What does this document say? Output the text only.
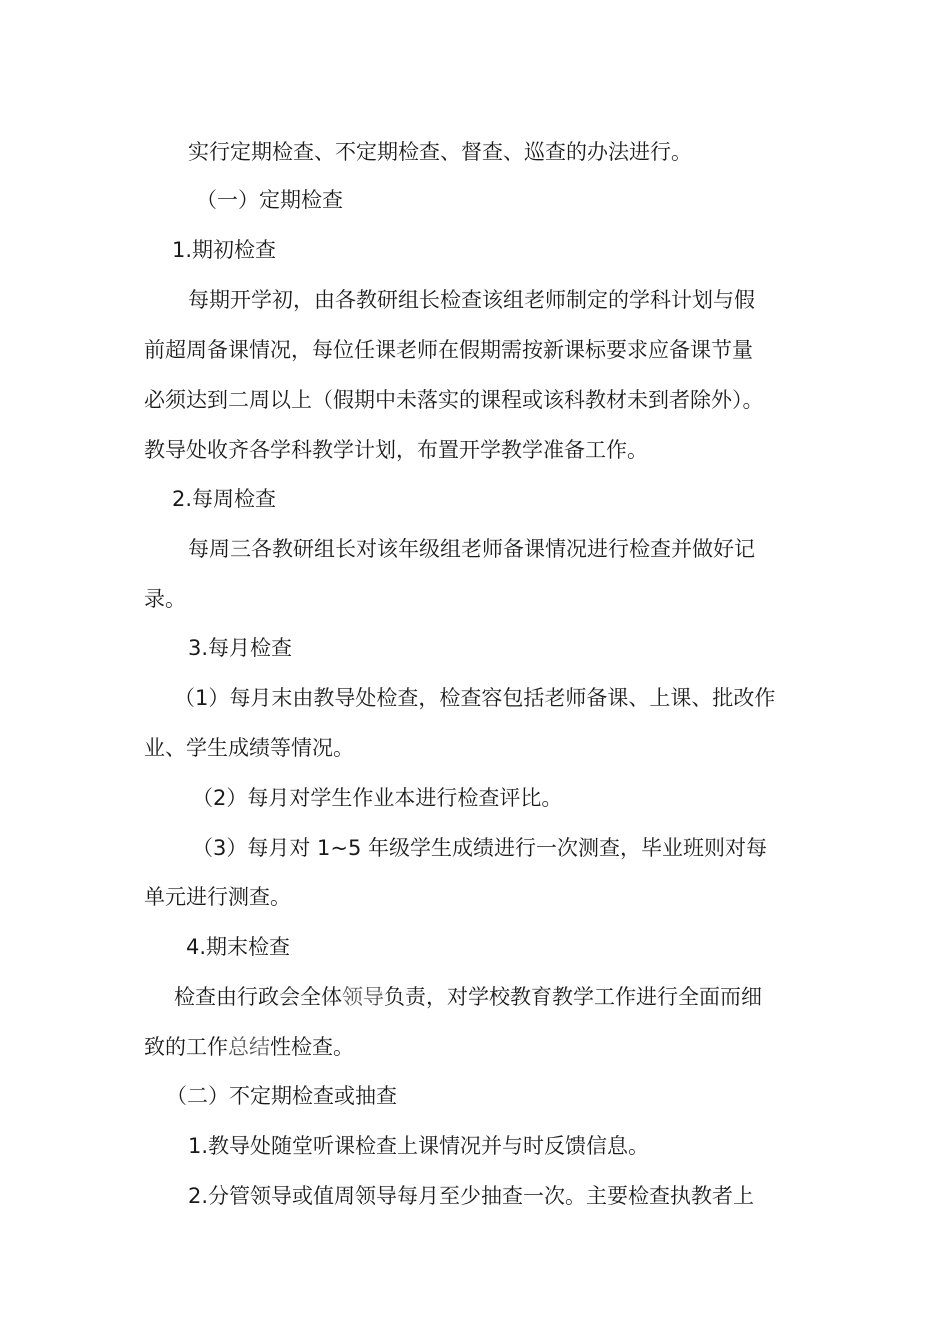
实行定期检查、不定期检查、督查、巡查的办法进行。
（一）定期检查
1.期初检查
每期开学初，由各教研组长检查该组老师制定的学科计划与假
前超周备课情况，每位任课老师在假期需按新课标要求应备课节量
必须达到二周以上（假期中未落实的课程或该科教材未到者除外）。
教导处收齐各学科教学计划，布置开学教学准备工作。
2.每周检查
每周三各教研组长对该年级组老师备课情况进行检查并做好记
录。
3.每月检查
（1）每月末由教导处检查，检查容包括老师备课、上课、批改作
业、学生成绩等情况。
（2）每月对学生作业本进行检查评比。
（3）每月对 1~5 年级学生成绩进行一次测查，毕业班则对每
单元进行测查。
4.期末检查
检查由行政会全体领导负责，对学校教育教学工作进行全面而细
致的工作总结性检查。
（二）不定期检查或抽查
1.教导处随堂听课检查上课情况并与时反馈信息。
2.分管领导或值周领导每月至少抽查一次。主要检查执教者上
